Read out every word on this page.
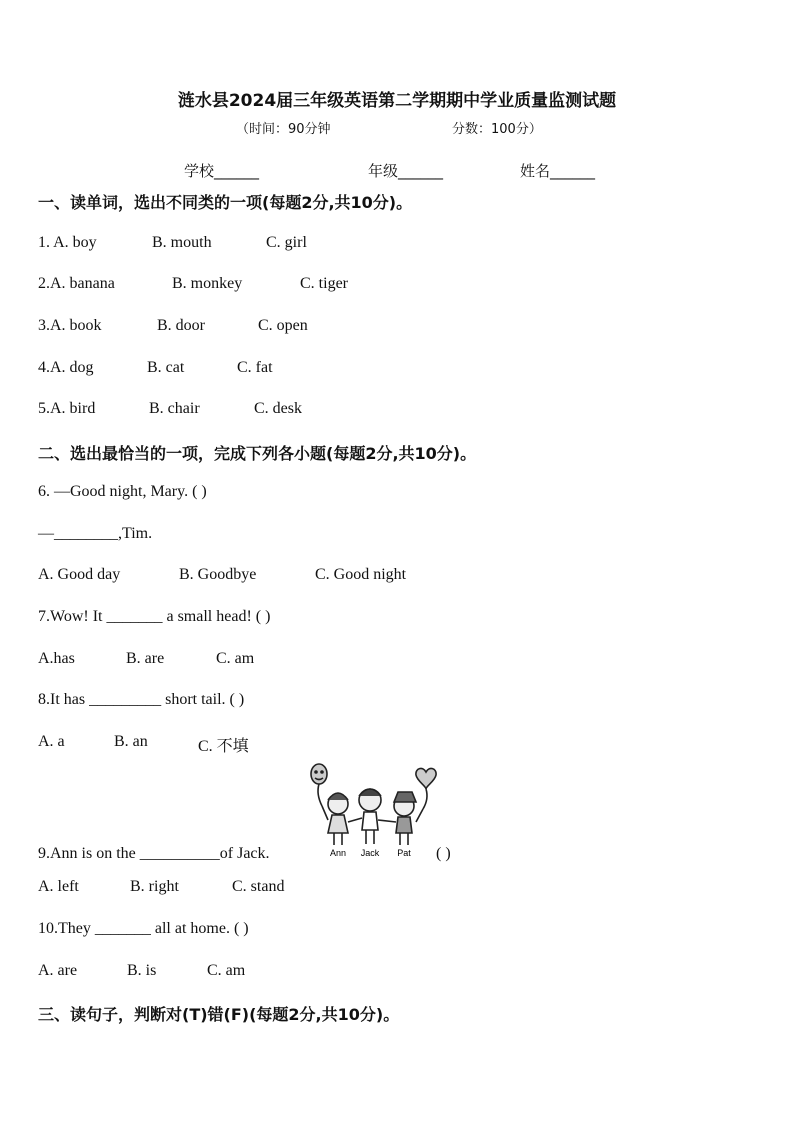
涟水县2024届三年级英语第二学期期中学业质量监测试题
（时间：90分钟	分数：100分）
学校______	年级______	姓名______
一、读单词，选出不同类的一项(每题2分,共10分)。
1. A. boy	B. mouth	C. girl
2.A. banana	B. monkey	C. tiger
3.A. book	B. door	C. open
4.A. dog	B. cat	C. fat
5.A. bird	B. chair	C. desk
二、选出最恰当的一项，完成下列各小题(每题2分,共10分)。
6. —Good night, Mary. ( )
—________,Tim.
A. Good day	B. Goodbye	C. Good night
7.Wow! It _______ a small head! ( )
A.has	B. are	C. am
8.It has _________ short tail. ( )
A. a	B. an	C. 不填
Ann Jack Pat
9.Ann is on the __________of Jack.	( )
A. left	B. right	C. stand
10.They _______ all at home. ( )
A. are	B. is	C. am
三、读句子，判断对(T)错(F)(每题2分,共10分)。
